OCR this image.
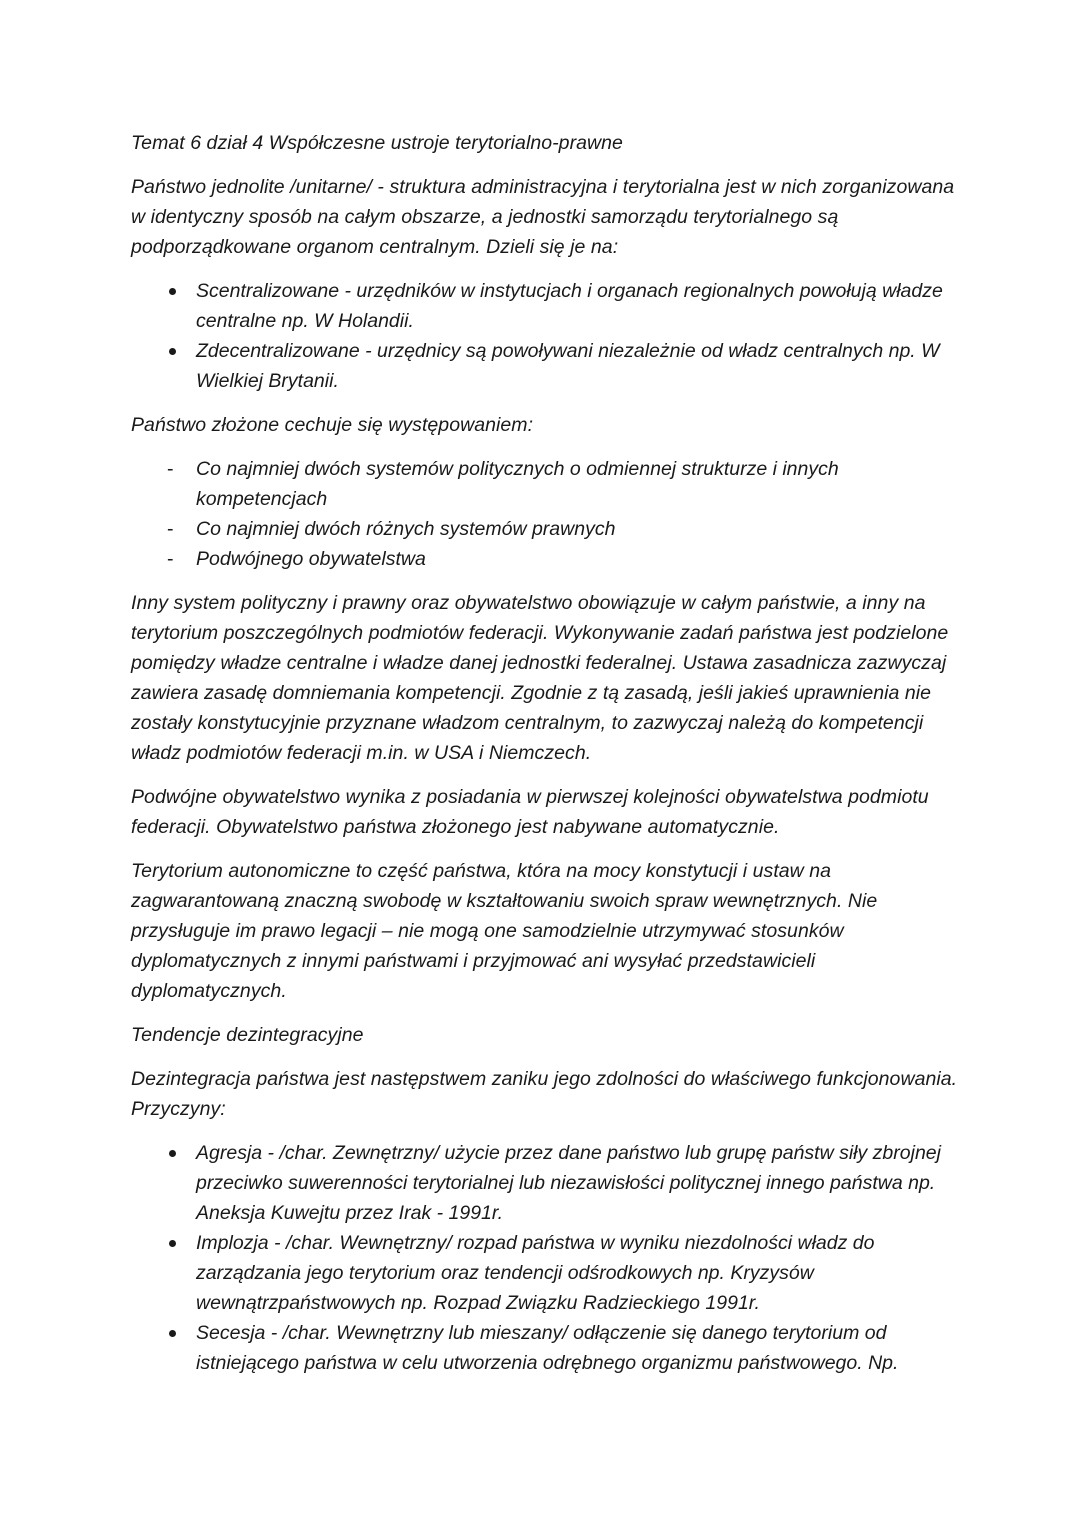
Temat 6 dział 4 Współczesne ustroje terytorialno-prawne

Państwo jednolite /unitarne/ - struktura administracyjna i terytorialna jest w nich zorganizowana w identyczny sposób na całym obszarze, a jednostki samorządu terytorialnego są podporządkowane organom centralnym. Dzieli się je na:

Scentralizowane - urzędników w instytucjach i organach regionalnych powołują władze centralne np. W Holandii.
Zdecentralizowane - urzędnicy są powoływani niezależnie od władz centralnych np. W Wielkiej Brytanii.

Państwo złożone cechuje się występowaniem:

- Co najmniej dwóch systemów politycznych o odmiennej strukturze i innych kompetencjach
- Co najmniej dwóch różnych systemów prawnych
- Podwójnego obywatelstwa

Inny system polityczny i prawny oraz obywatelstwo obowiązuje w całym państwie, a inny na terytorium poszczególnych podmiotów federacji. Wykonywanie zadań państwa jest podzielone pomiędzy władze centralne i władze danej jednostki federalnej. Ustawa zasadnicza zazwyczaj zawiera zasadę domniemania kompetencji. Zgodnie z tą zasadą, jeśli jakieś uprawnienia nie zostały konstytucyjnie przyznane władzom centralnym, to zazwyczaj należą do kompetencji władz podmiotów federacji m.in. w USA i Niemczech.

Podwójne obywatelstwo wynika z posiadania w pierwszej kolejności obywatelstwa podmiotu federacji. Obywatelstwo państwa złożonego jest nabywane automatycznie.

Terytorium autonomiczne to część państwa, która na mocy konstytucji i ustaw na zagwarantowaną znaczną swobodę w kształtowaniu swoich spraw wewnętrznych. Nie przysługuje im prawo legacji – nie mogą one samodzielnie utrzymywać stosunków dyplomatycznych z innymi państwami i przyjmować ani wysyłać przedstawicieli dyplomatycznych.

Tendencje dezintegracyjne

Dezintegracja państwa jest następstwem zaniku jego zdolności do właściwego funkcjonowania. Przyczyny:

Agresja - /char. Zewnętrzny/ użycie przez dane państwo lub grupę państw siły zbrojnej przeciwko suwerenności terytorialnej lub niezawisłości politycznej innego państwa np. Aneksja Kuwejtu przez Irak - 1991r.
Implozja - /char. Wewnętrzny/ rozpad państwa w wyniku niezdolności władz do zarządzania jego terytorium oraz tendencji odśrodkowych np. Kryzysów wewnątrzpaństwowych np. Rozpad Związku Radzieckiego 1991r.
Secesja - /char. Wewnętrzny lub mieszany/ odłączenie się danego terytorium od istniejącego państwa w celu utworzenia odrębnego organizmu państwowego. Np.
